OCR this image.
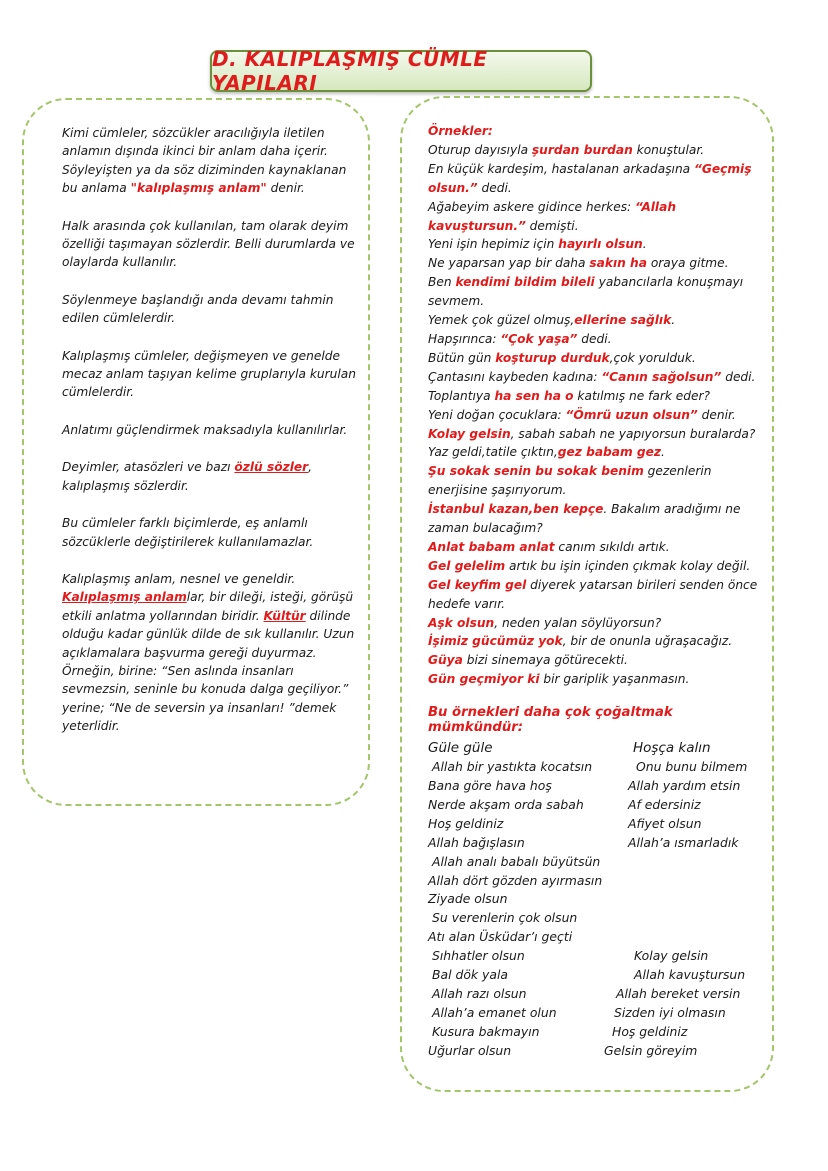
D. KALIPLAŞMIŞ CÜMLE YAPILARI

Kimi cümleler, sözcükler aracılığıyla iletilen anlamın dışında ikinci bir anlam daha içerir. Söyleyişten ya da söz diziminden kaynaklanan bu anlama "kalıplaşmış anlam" denir.

Halk arasında çok kullanılan, tam olarak deyim özelliği taşımayan sözlerdir. Belli durumlarda ve olaylarda kullanılır.

Söylenmeye başlandığı anda devamı tahmin edilen cümlelerdir.

Kalıplaşmış cümleler, değişmeyen ve genelde mecaz anlam taşıyan kelime gruplarıyla kurulan cümlelerdir.

Anlatımı güçlendirmek maksadıyla kullanılırlar.

Deyimler, atasözleri ve bazı özlü sözler, kalıplaşmış sözlerdir.

Bu cümleler farklı biçimlerde, eş anlamlı sözcüklerle değiştirilerek kullanılamazlar.

Kalıplaşmış anlam, nesnel ve geneldir. Kalıplaşmış anlamlar, bir dileği, isteği, görüşü etkili anlatma yollarından biridir. Kültür dilinde olduğu kadar günlük dilde de sık kullanılır. Uzun açıklamalara başvurma gereği duyurmaz. Örneğin, birine: “Sen aslında insanları sevmezsin, seninle bu konuda dalga geçiliyor.” yerine; “Ne de seversin ya insanları! ”demek yeterlidir.

Örnekler:

Oturup dayısıyla şurdan burdan konuştular.

En küçük kardeşim, hastalanan arkadaşına “Geçmiş olsun.” dedi.

Ağabeyim askere gidince herkes: “Allah kavuştursun.” demişti.

Yeni işin hepimiz için hayırlı olsun.

Ne yaparsan yap bir daha sakın ha oraya gitme.

Ben kendimi bildim bileli yabancılarla konuşmayı sevmem.

Yemek çok güzel olmuş,ellerine sağlık.

Hapşırınca: “Çok yaşa” dedi.

Bütün gün koşturup durduk,çok yorulduk.

Çantasını kaybeden kadına: “Canın sağolsun” dedi.

Toplantıya ha sen ha o katılmış ne fark eder?

Yeni doğan çocuklara: “Ömrü uzun olsun” denir.

Kolay gelsin, sabah sabah ne yapıyorsun buralarda?

Yaz geldi,tatile çıktın,gez babam gez.

Şu sokak senin bu sokak benim gezenlerin enerjisine şaşırıyorum.

İstanbul kazan,ben kepçe. Bakalım aradığımı ne zaman bulacağım?

Anlat babam anlat canım sıkıldı artık.

Gel gelelim artık bu işin içinden çıkmak kolay değil.

Gel keyfim gel diyerek yatarsan birileri senden önce hedefe varır.

Aşk olsun, neden yalan söylüyorsun?

İşimiz gücümüz yok, bir de onunla uğraşacağız.

Güya bizi sinemaya götürecekti.

Gün geçmiyor ki bir gariplik yaşanmasın.

Bu örnekleri daha çok çoğaltmak mümkündür:

Güle güle	Hoşça kalın
Allah bir yastıkta kocatsın	Onu bunu bilmem
Bana göre hava hoş	Allah yardım etsin
Nerde akşam orda sabah	Af edersiniz
Hoş geldiniz	Afiyet olsun
Allah bağışlasın	Allah’a ısmarladık
Allah analı babalı büyütsün
Allah dört gözden ayırmasın
Ziyade olsun
Su verenlerin çok olsun
Atı alan Üsküdar’ı geçti
Sıhhatler olsun	Kolay gelsin
Bal dök yala	Allah kavuştursun
Allah razı olsun	Allah bereket versin
Allah’a emanet olun	Sizden iyi olmasın
Kusura bakmayın	Hoş geldiniz
Uğurlar olsun	Gelsin göreyim
